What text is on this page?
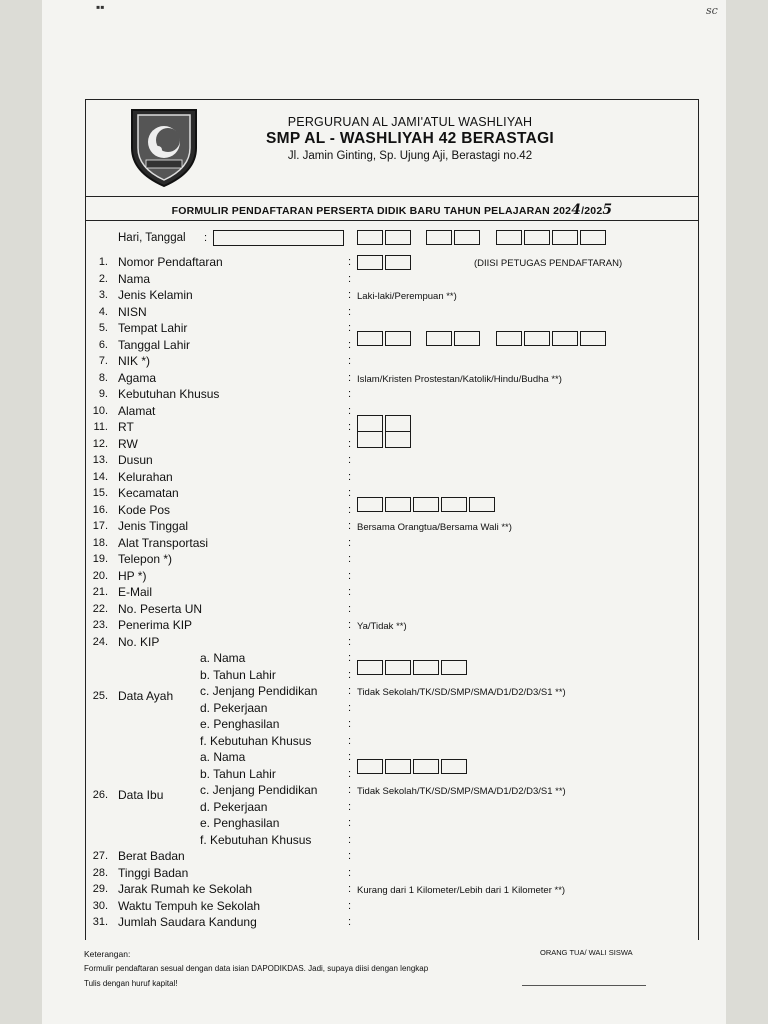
▪▪	sc
PERGURUAN AL JAMI'ATUL WASHLIYAH
SMP AL - WASHLIYAH 42 BERASTAGI
Jl. Jamin Ginting, Sp. Ujung Aji, Berastagi no.42
FORMULIR PENDAFTARAN PERSERTA DIDIK BARU TAHUN PELAJARAN 2024/2025
Hari, Tanggal :
1. Nomor Pendaftaran	:	(DIISI PETUGAS PENDAFTARAN)
2. Nama	:
3. Jenis Kelamin	: Laki-laki/Perempuan **)
4. NISN	:
5. Tempat Lahir	:
6. Tanggal Lahir	:
7. NIK *)	:
8. Agama	: Islam/Kristen Prostestan/Katolik/Hindu/Budha **)
9. Kebutuhan Khusus	:
10. Alamat	:
11. RT	:
12. RW	:
13. Dusun	:
14. Kelurahan	:
15. Kecamatan	:
16. Kode Pos	:
17. Jenis Tinggal	: Bersama Orangtua/Bersama Wali **)
18. Alat Transportasi	:
19. Telepon *)	:
20. HP *)	:
21. E-Mail	:
22. No. Peserta UN	:
23. Penerima KIP	: Ya/Tidak **)
24. No. KIP	:
25. Data Ayah
a. Nama	:
b. Tahun Lahir	:
c. Jenjang Pendidikan	: Tidak Sekolah/TK/SD/SMP/SMA/D1/D2/D3/S1 **)
d. Pekerjaan	:
e. Penghasilan	:
f. Kebutuhan Khusus	:
26. Data Ibu
a. Nama	:
b. Tahun Lahir	:
c. Jenjang Pendidikan	: Tidak Sekolah/TK/SD/SMP/SMA/D1/D2/D3/S1 **)
d. Pekerjaan	:
e. Penghasilan	:
f. Kebutuhan Khusus	:
27. Berat Badan	:
28. Tinggi Badan	:
29. Jarak Rumah ke Sekolah	: Kurang dari 1 Kilometer/Lebih dari 1 Kilometer **)
30. Waktu Tempuh ke Sekolah	:
31. Jumlah Saudara Kandung	:
Keterangan:
Formulir pendaftaran sesual dengan data isian DAPODIKDAS. Jadi, supaya diisi dengan lengkap
Tulis dengan huruf kapital!
ORANG TUA/ WALI SISWA
